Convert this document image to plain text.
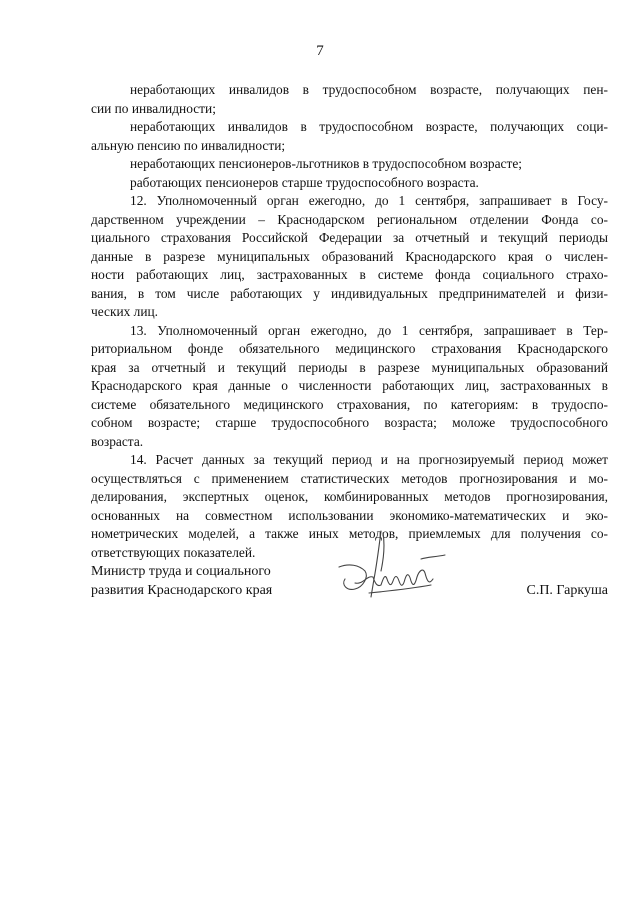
7
неработающих инвалидов в трудоспособном возрасте, получающих пен-
сии по инвалидности;
неработающих инвалидов в трудоспособном возрасте, получающих соци-
альную пенсию по инвалидности;
неработающих пенсионеров-льготников в трудоспособном возрасте;
работающих пенсионеров старше трудоспособного возраста.
12. Уполномоченный орган ежегодно, до 1 сентября, запрашивает в Госу-
дарственном учреждении – Краснодарском региональном отделении Фонда со-
циального страхования Российской Федерации за отчетный и текущий периоды
данные в разрезе муниципальных образований Краснодарского края о числен-
ности работающих лиц, застрахованных в системе фонда социального страхо-
вания, в том числе работающих у индивидуальных предпринимателей и физи-
ческих лиц.
13. Уполномоченный орган ежегодно, до 1 сентября, запрашивает в Тер-
риториальном фонде обязательного медицинского страхования Краснодарского
края за отчетный и текущий периоды в разрезе муниципальных образований
Краснодарского края данные о численности работающих лиц, застрахованных в
системе обязательного медицинского страхования, по категориям: в трудоспо-
собном возрасте; старше трудоспособного возраста; моложе трудоспособного
возраста.
14. Расчет данных за текущий период и на прогнозируемый период может
осуществляться с применением статистических методов прогнозирования и мо-
делирования, экспертных оценок, комбинированных методов прогнозирования,
основанных на совместном использовании экономико-математических и эко-
нометрических моделей, а также иных методов, приемлемых для получения со-
ответствующих показателей.
Министр труда и социального
развития Краснодарского края	С.П. Гаркуша
